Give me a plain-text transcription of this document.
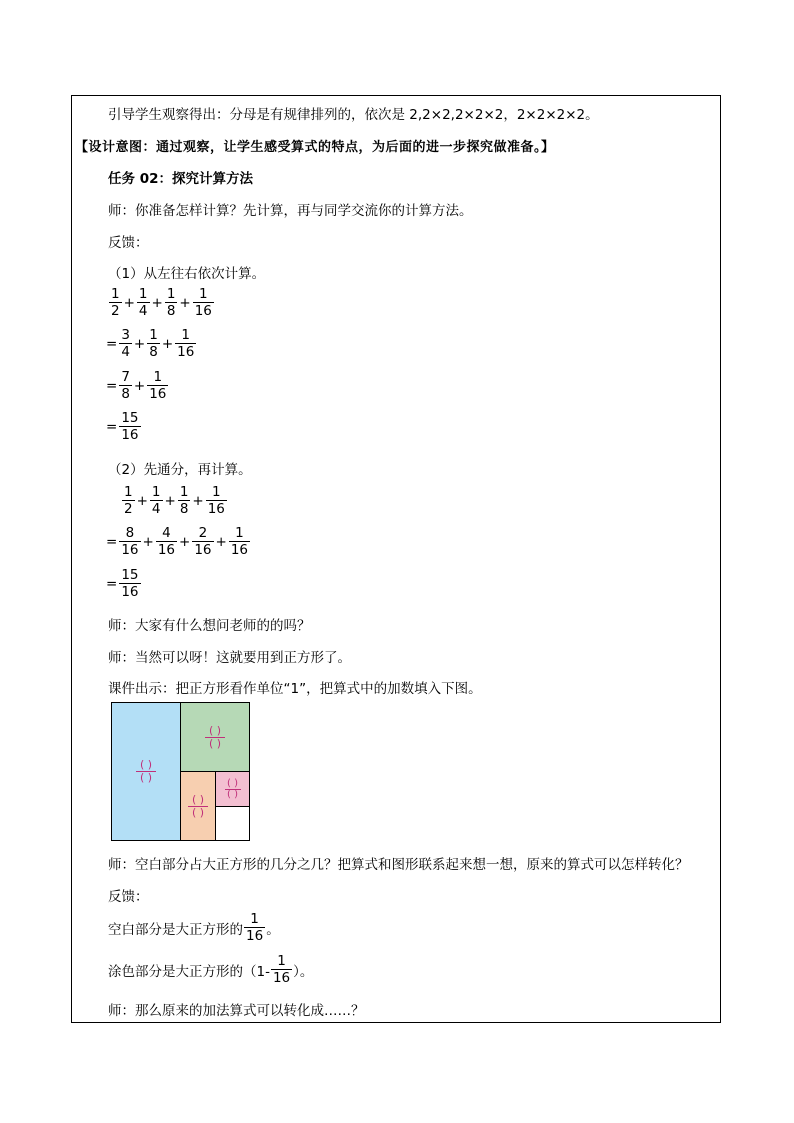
引导学生观察得出：分母是有规律排列的，依次是 2,2×2,2×2×2，2×2×2×2。
【设计意图：通过观察，让学生感受算式的特点，为后面的进一步探究做准备。】
任务 02：探究计算方法
师：你准备怎样计算？先计算，再与同学交流你的计算方法。
反馈：
（1）从左往右依次计算。
$\frac{1}{2} + \frac{1}{4} + \frac{1}{8} + \frac{1}{16}$
= $\frac{3}{4} + \frac{1}{8} + \frac{1}{16}$
= $\frac{7}{8} + \frac{1}{16}$
= $\frac{15}{16}$
（2）先通分，再计算。
$\frac{1}{2} + \frac{1}{4} + \frac{1}{8} + \frac{1}{16}$
= $\frac{8}{16} + \frac{4}{16} + \frac{2}{16} + \frac{1}{16}$
= $\frac{15}{16}$
师：大家有什么想问老师的的吗？
师：当然可以呀！这就要用到正方形了。
课件出示：把正方形看作单位“1”，把算式中的加数填入下图。
( )
( )
( )
( )
( )
( )
( )
( )
师：空白部分占大正方形的几分之几？把算式和图形联系起来想一想，原来的算式可以怎样转化？
反馈：
空白部分是大正方形的 $\frac{1}{16}$ 。
涂色部分是大正方形的（$1- \frac{1}{16}$ ）。
师：那么原来的加法算式可以转化成……？
